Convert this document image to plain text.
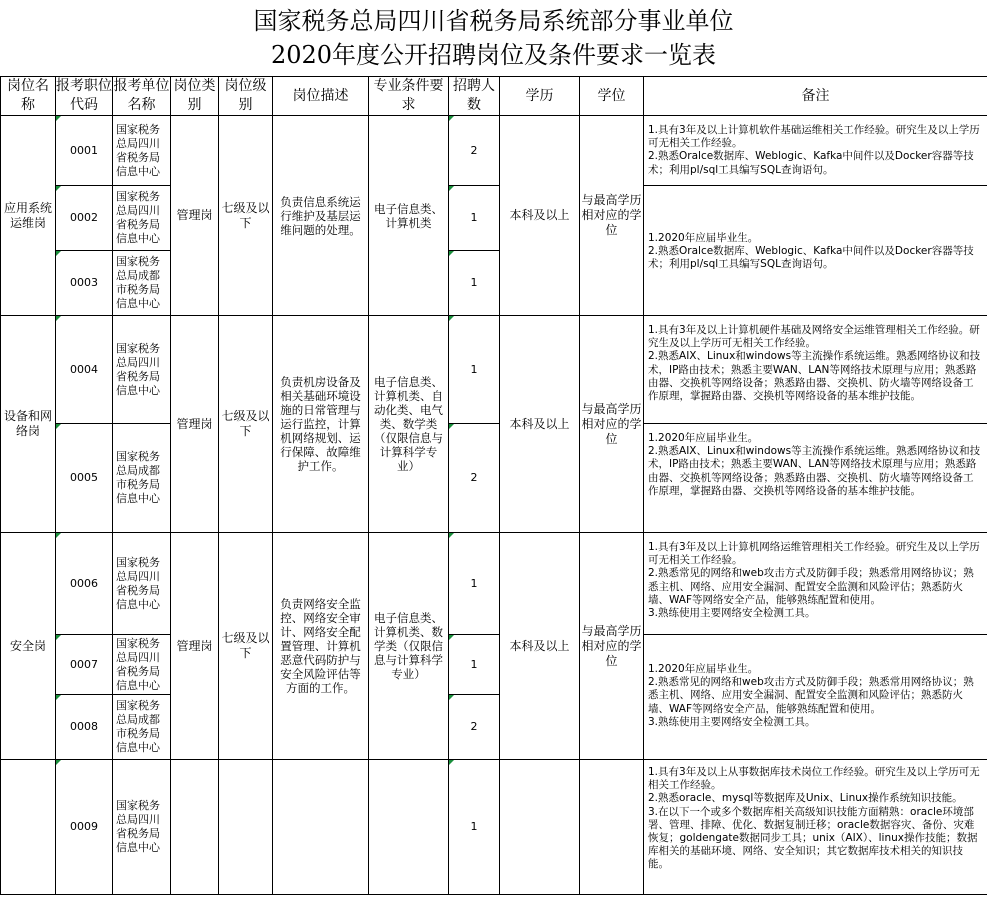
国家税务总局四川省税务局系统部分事业单位
2020年度公开招聘岗位及条件要求一览表
岗位名称	报考职位代码	报考单位名称	岗位类别	岗位级别	岗位描述	专业条件要求	招聘人数	学历	学位	备注
应用系统运维岗	0001	国家税务总局四川省税务局信息中心	管理岗	七级及以下	负责信息系统运行维护及基层运维问题的处理。	电子信息类、计算机类	2	本科及以上	与最高学历相对应的学位	1.具有3年及以上计算机软件基础运维相关工作经验。研究生及以上学历可无相关工作经验。
2.熟悉Oralce数据库、Weblogic、Kafka中间件以及Docker容器等技术；利用pl/sql工具编写SQL查询语句。

0002	国家税务总局四川省税务局信息中心					1			1.2020年应届毕业生。
2.熟悉Oralce数据库、Weblogic、Kafka中间件以及Docker容器等技术；利用pl/sql工具编写SQL查询语句。

0003	国家税务总局成都市税务局信息中心					1			
设备和网络岗	0004	国家税务总局四川省税务局信息中心	管理岗	七级及以下	负责机房设备及相关基础环境设施的日常管理与运行监控，计算机网络规划、运行保障、故障维护工作。	电子信息类、计算机类、自动化类、电气类、数学类（仅限信息与计算科学专业）	1	本科及以上	与最高学历相对应的学位	1.具有3年及以上计算机硬件基础及网络安全运维管理相关工作经验。研究生及以上学历可无相关工作经验。
2.熟悉AIX、Linux和windows等主流操作系统运维。熟悉网络协议和技术，IP路由技术；熟悉主要WAN、LAN等网络技术原理与应用；熟悉路由器、交换机等网络设备；熟悉路由器、交换机、防火墙等网络设备工作原理，掌握路由器、交换机等网络设备的基本维护技能。

0005	国家税务总局成都市税务局信息中心					2			1.2020年应届毕业生。
2.熟悉AIX、Linux和windows等主流操作系统运维。熟悉网络协议和技术，IP路由技术；熟悉主要WAN、LAN等网络技术原理与应用；熟悉路由器、交换机等网络设备；熟悉路由器、交换机、防火墙等网络设备工作原理，掌握路由器、交换机等网络设备的基本维护技能。

安全岗	0006	国家税务总局四川省税务局信息中心	管理岗	七级及以下	负责网络安全监控、网络安全审计、网络安全配置管理、计算机恶意代码防护与安全风险评估等方面的工作。	电子信息类、计算机类、数学类（仅限信息与计算科学专业）	1	本科及以上	与最高学历相对应的学位	1.具有3年及以上计算机网络运维管理相关工作经验。研究生及以上学历可无相关工作经验。
2.熟悉常见的网络和web攻击方式及防御手段；熟悉常用网络协议；熟悉主机、网络、应用安全漏洞、配置安全监测和风险评估；熟悉防火墙、WAF等网络安全产品，能够熟练配置和使用。
3.熟练使用主要网络安全检测工具。

0007	国家税务总局四川省税务局信息中心					1			1.2020年应届毕业生。
2.熟悉常见的网络和web攻击方式及防御手段；熟悉常用网络协议；熟悉主机、网络、应用安全漏洞、配置安全监测和风险评估；熟悉防火墙、WAF等网络安全产品，能够熟练配置和使用。
3.熟练使用主要网络安全检测工具。

0008	国家税务总局成都市税务局信息中心					2			

0009	国家税务总局四川省税务局信息中心					1			1.具有3年及以上从事数据库技术岗位工作经验。研究生及以上学历可无相关工作经验。
2.熟悉oracle、mysql等数据库及Unix、Linux操作系统知识技能。
3.在以下一个或多个数据库相关高级知识技能方面精熟：oracle环境部署、管理、排障、优化、数据复制迁移；oracle数据容灾、备份、灾难恢复；goldengate数据同步工具；unix（AIX）、linux操作技能；数据库相关的基础环境、网络、安全知识；其它数据库技术相关的知识技能。
